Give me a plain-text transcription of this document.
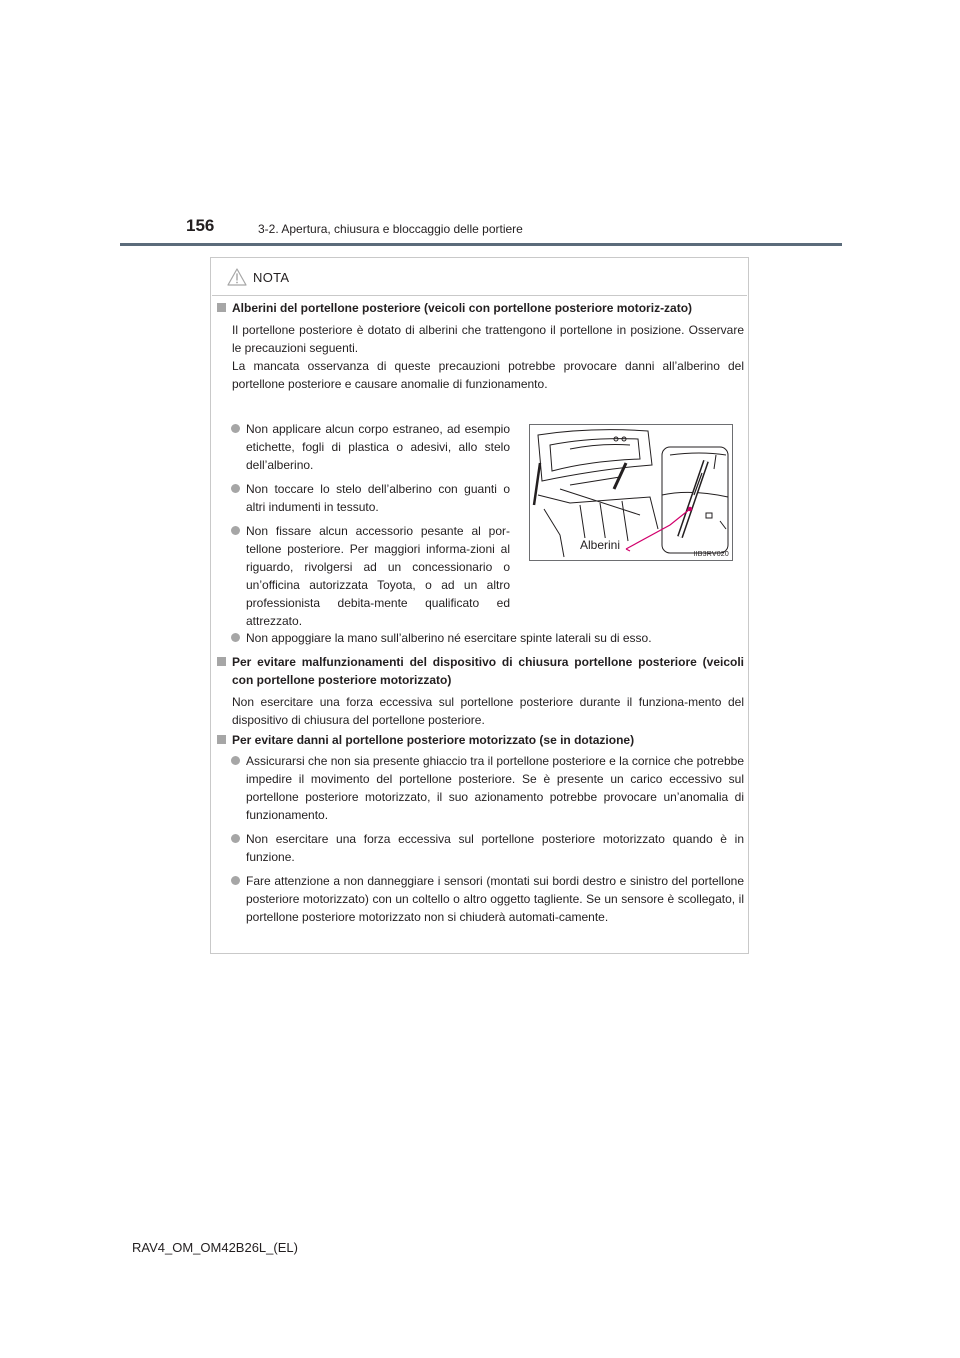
156	3-2. Apertura, chiusura e bloccaggio delle portiere
NOTA
Alberini del portellone posteriore (veicoli con portellone posteriore motoriz-zato)
Il portellone posteriore è dotato di alberini che trattengono il portellone in posizione. Osservare le precauzioni seguenti.
La mancata osservanza di queste precauzioni potrebbe provocare danni all’alberino del portellone posteriore e causare anomalie di funzionamento.
Non applicare alcun corpo estraneo, ad esempio etichette, fogli di plastica o adesivi, allo stelo dell’alberino.
Non toccare lo stelo dell’alberino con guanti o altri indumenti in tessuto.
Non fissare alcun accessorio pesante al por-tellone posteriore. Per maggiori informa-zioni al riguardo, rivolgersi ad un concessionario o un’officina autorizzata Toyota, o ad un altro professionista debita-mente qualificato ed attrezzato.
Alberini
IIB3RV020
Non appoggiare la mano sull’alberino né esercitare spinte laterali su di esso.
Per evitare malfunzionamenti del dispositivo di chiusura portellone posteriore (veicoli con portellone posteriore motorizzato)
Non esercitare una forza eccessiva sul portellone posteriore durante il funziona-mento del dispositivo di chiusura del portellone posteriore.
Per evitare danni al portellone posteriore motorizzato (se in dotazione)
Assicurarsi che non sia presente ghiaccio tra il portellone posteriore e la cornice che potrebbe impedire il movimento del portellone posteriore. Se è presente un carico eccessivo sul portellone posteriore motorizzato, il suo azionamento potrebbe provocare un’anomalia di funzionamento.
Non esercitare una forza eccessiva sul portellone posteriore motorizzato quando è in funzione.
Fare attenzione a non danneggiare i sensori (montati sui bordi destro e sinistro del portellone posteriore motorizzato) con un coltello o altro oggetto tagliente. Se un sensore è scollegato, il portellone posteriore motorizzato non si chiuderà automati-camente.
RAV4_OM_OM42B26L_(EL)
